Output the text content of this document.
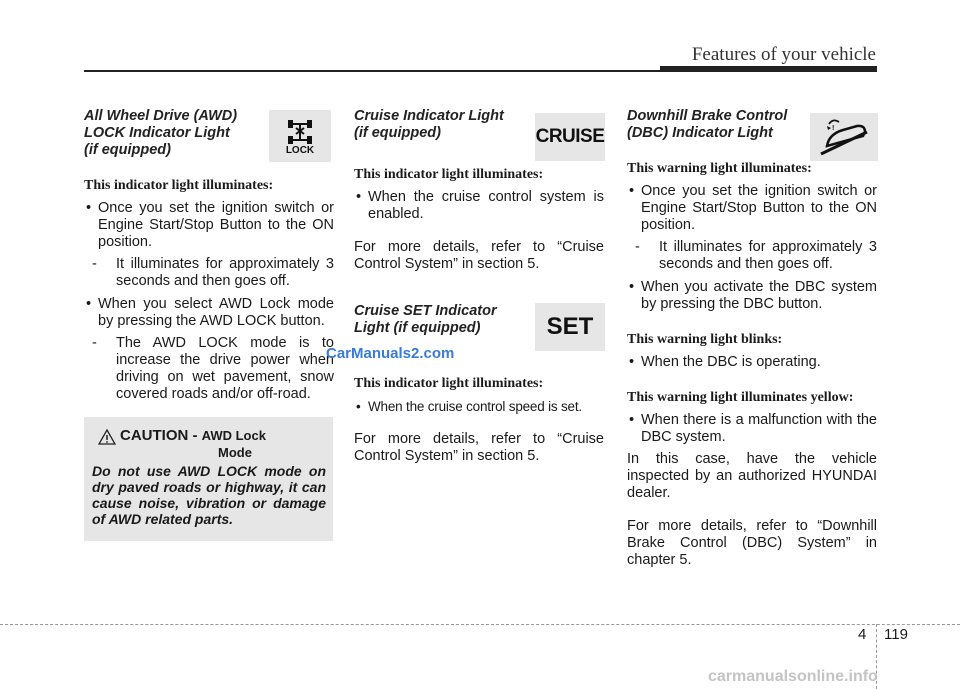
Features of your vehicle
All Wheel Drive (AWD)
LOCK Indicator Light
(if equipped)
This indicator light illuminates:
• Once you set the ignition switch or Engine Start/Stop Button to the ON position.
- It illuminates for approximately 3 seconds and then goes off.
• When you select AWD Lock mode by pressing the AWD LOCK button.
- The AWD LOCK mode is to increase the drive power when driving on wet pavement, snow covered roads and/or off-road.
LOCK
CAUTION - AWD Lock
Mode
Do not use AWD LOCK mode on dry paved roads or highway, it can cause noise, vibration or damage of AWD related parts.
Cruise Indicator Light
(if equipped)
This indicator light illuminates:
• When the cruise control system is enabled.
For more details, refer to “Cruise Control System” in section 5.
Cruise SET Indicator
Light (if equipped)
This indicator light illuminates:
• When the cruise control speed is set.
For more details, refer to “Cruise Control System” in section 5.
CRUISE
SET
CarManuals2.com
Downhill Brake Control
(DBC) Indicator Light
This warning light illuminates:
• Once you set the ignition switch or Engine Start/Stop Button to the ON position.
- It illuminates for approximately 3 seconds and then goes off.
• When you activate the DBC system by pressing the DBC button.
This warning light blinks:
• When the DBC is operating.
This warning light illuminates yellow:
• When there is a malfunction with the DBC system.
In this case, have the vehicle inspected by an authorized HYUNDAI dealer.
For more details, refer to “Downhill Brake Control (DBC) System” in chapter 5.
!
4 119
carmanualsonline.info
